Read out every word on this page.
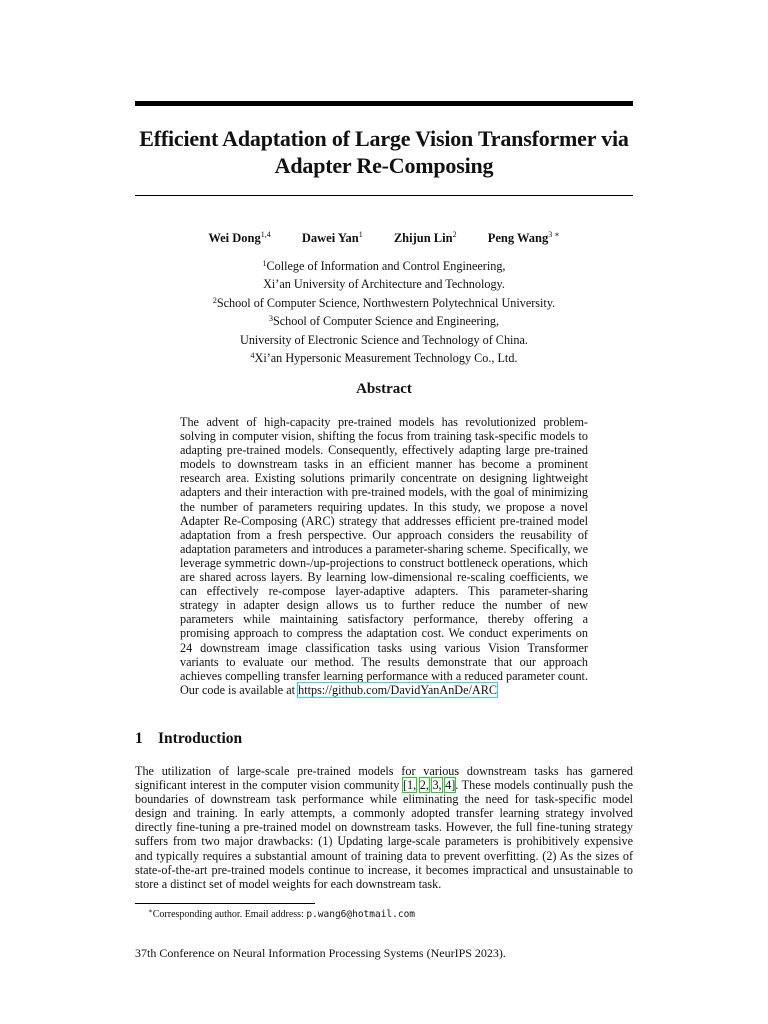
Efficient Adaptation of Large Vision Transformer via
Adapter Re-Composing
Wei Dong$^{1,4}$ Dawei Yan$^1$ Zhijun Lin$^2$ Peng Wang$^{3 ∗}$
$^1$College of Information and Control Engineering,
Xi’an University of Architecture and Technology.
$^2$School of Computer Science, Northwestern Polytechnical University.
$^3$School of Computer Science and Engineering,
University of Electronic Science and Technology of China.
$^4$Xi’an Hypersonic Measurement Technology Co., Ltd.
Abstract
The advent of high-capacity pre-trained models has revolutionized problem-solving in computer vision, shifting the focus from training task-specific models to adapting pre-trained models. Consequently, effectively adapting large pre-trained models to downstream tasks in an efficient manner has become a prominent research area. Existing solutions primarily concentrate on designing lightweight adapters and their interaction with pre-trained models, with the goal of minimizing the number of parameters requiring updates. In this study, we propose a novel Adapter Re-Composing (ARC) strategy that addresses efficient pre-trained model adaptation from a fresh perspective. Our approach considers the reusability of adaptation parameters and introduces a parameter-sharing scheme. Specifically, we leverage symmetric down-/up-projections to construct bottleneck operations, which are shared across layers. By learning low-dimensional re-scaling coefficients, we can effectively re-compose layer-adaptive adapters. This parameter-sharing strategy in adapter design allows us to further reduce the number of new parameters while maintaining satisfactory performance, thereby offering a promising approach to compress the adaptation cost. We conduct experiments on 24 downstream image classification tasks using various Vision Transformer variants to evaluate our method. The results demonstrate that our approach achieves compelling transfer learning performance with a reduced parameter count. Our code is available at https://github.com/DavidYanAnDe/ARC
1 Introduction
The utilization of large-scale pre-trained models for various downstream tasks has garnered significant interest in the computer vision community [1, 2, 3, 4]. These models continually push the boundaries of downstream task performance while eliminating the need for task-specific model design and training. In early attempts, a commonly adopted transfer learning strategy involved directly fine-tuning a pre-trained model on downstream tasks. However, the full fine-tuning strategy suffers from two major drawbacks: (1) Updating large-scale parameters is prohibitively expensive and typically requires a substantial amount of training data to prevent overfitting. (2) As the sizes of state-of-the-art pre-trained models continue to increase, it becomes impractical and unsustainable to store a distinct set of model weights for each downstream task.
∗Corresponding author. Email address: p.wang6@hotmail.com
37th Conference on Neural Information Processing Systems (NeurIPS 2023).
